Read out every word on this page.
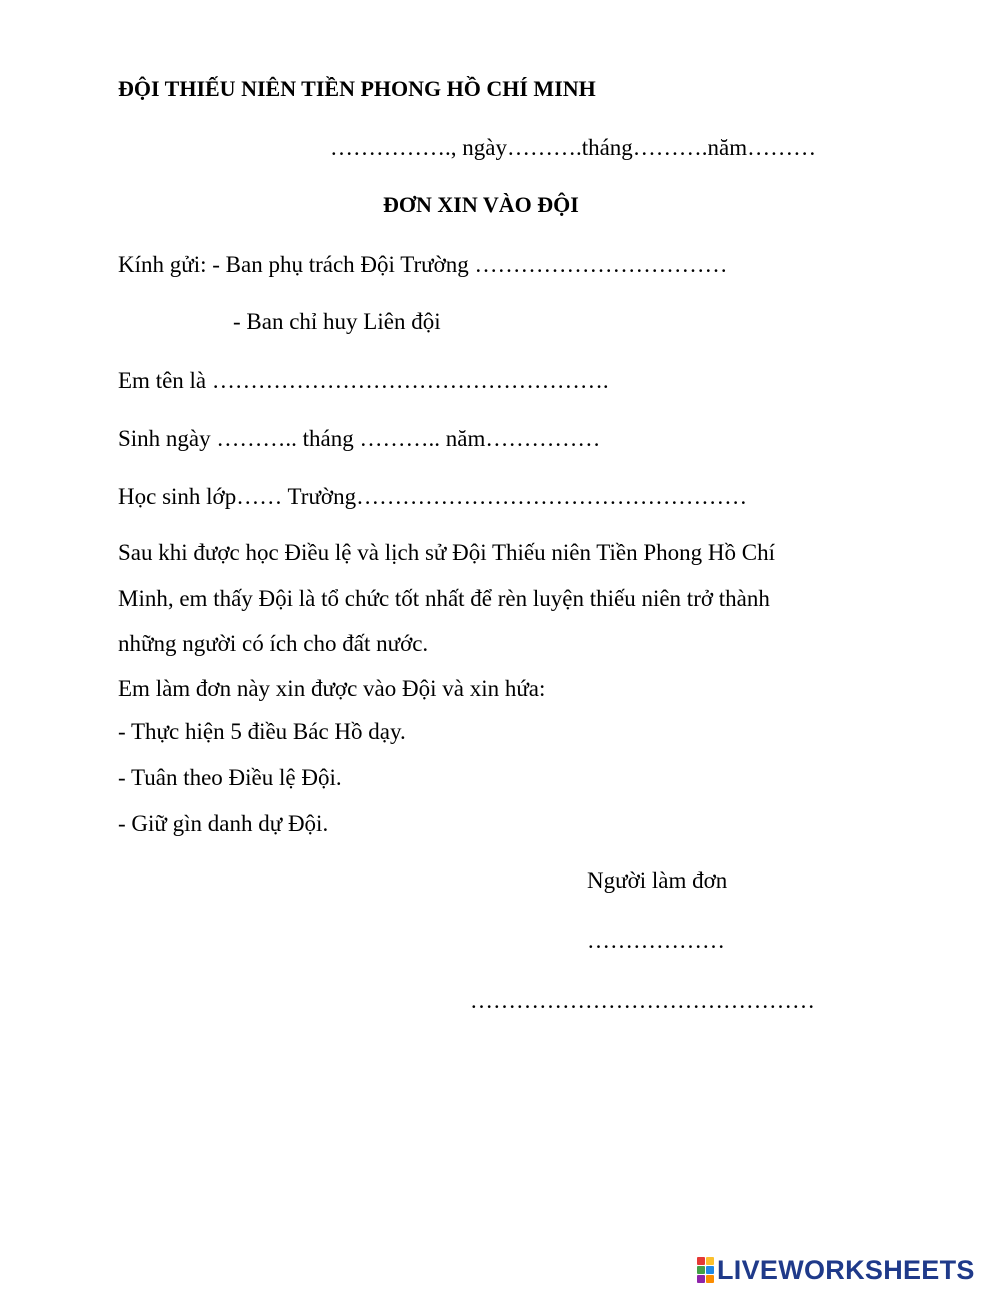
ĐỘI THIẾU NIÊN TIỀN PHONG HỒ CHÍ MINH
……………., ngày……….tháng……….năm………
ĐƠN XIN VÀO ĐỘI
Kính gửi: - Ban phụ trách Đội Trường ……………………………
- Ban chỉ huy Liên đội
Em tên là …………………………………………….
Sinh ngày ……….. tháng ……….. năm……………
Học sinh lớp…… Trường……………………………………………
Sau khi được học Điều lệ và lịch sử Đội Thiếu niên Tiền Phong Hồ Chí
Minh, em thấy Đội là tổ chức tốt nhất để rèn luyện thiếu niên trở thành
những người có ích cho đất nước.
Em làm đơn này xin được vào Đội và xin hứa:
- Thực hiện 5 điều Bác Hồ dạy.
- Tuân theo Điều lệ Đội.
- Giữ gìn danh dự Đội.
Người làm đơn
………………
………………………………………
LIVEWORKSHEETS
